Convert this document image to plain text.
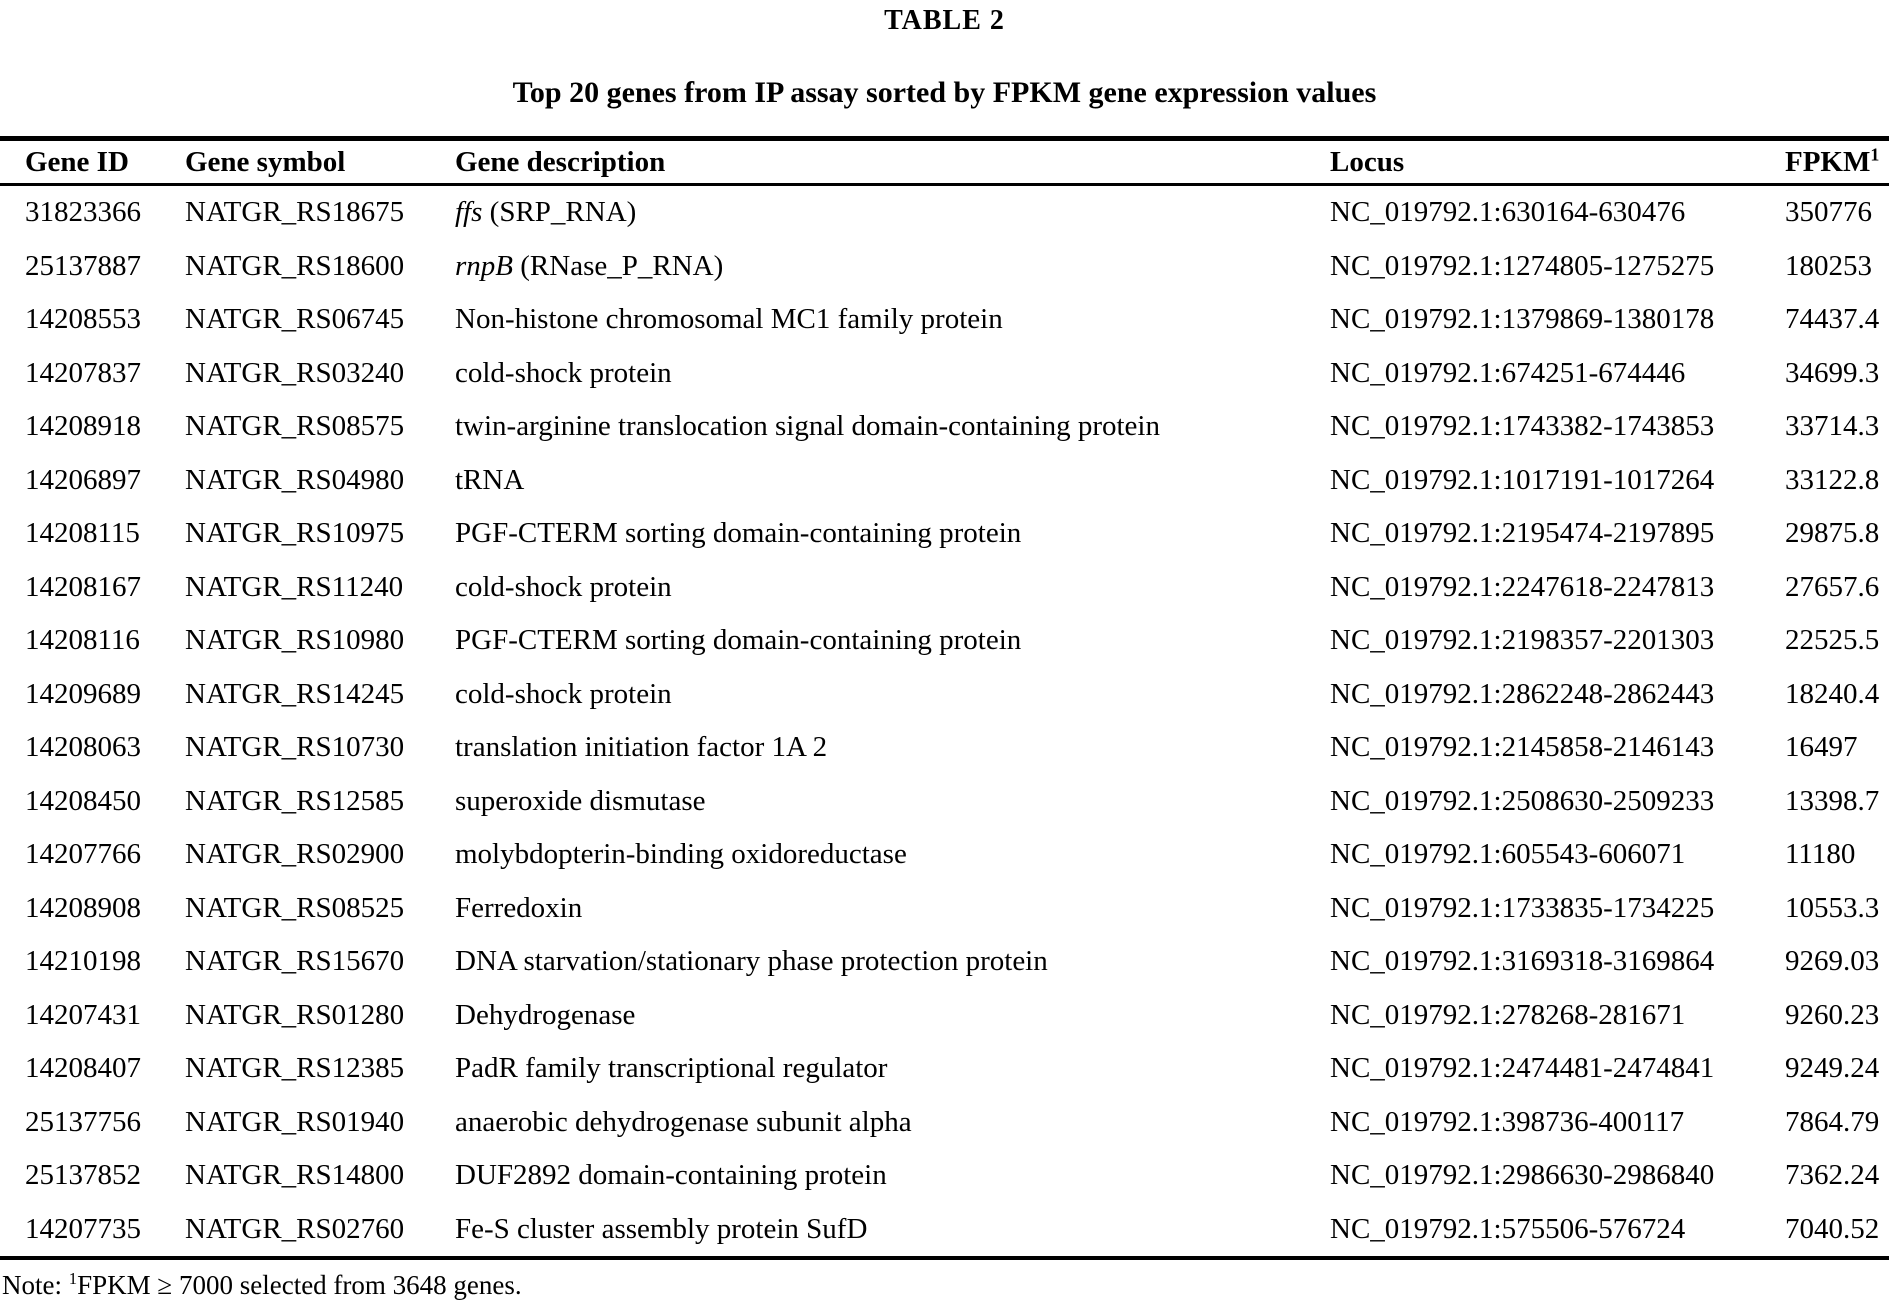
TABLE 2
Top 20 genes from IP assay sorted by FPKM gene expression values
Gene ID	Gene symbol	Gene description	Locus	FPKM$^1$
31823366	NATGR_RS18675	ffs (SRP_RNA)	NC_019792.1:630164-630476	350776
25137887	NATGR_RS18600	rnpB (RNase_P_RNA)	NC_019792.1:1274805-1275275	180253
14208553	NATGR_RS06745	Non-histone chromosomal MC1 family protein	NC_019792.1:1379869-1380178	74437.4
14207837	NATGR_RS03240	cold-shock protein	NC_019792.1:674251-674446	34699.3
14208918	NATGR_RS08575	twin-arginine translocation signal domain-containing protein	NC_019792.1:1743382-1743853	33714.3
14206897	NATGR_RS04980	tRNA	NC_019792.1:1017191-1017264	33122.8
14208115	NATGR_RS10975	PGF-CTERM sorting domain-containing protein	NC_019792.1:2195474-2197895	29875.8
14208167	NATGR_RS11240	cold-shock protein	NC_019792.1:2247618-2247813	27657.6
14208116	NATGR_RS10980	PGF-CTERM sorting domain-containing protein	NC_019792.1:2198357-2201303	22525.5
14209689	NATGR_RS14245	cold-shock protein	NC_019792.1:2862248-2862443	18240.4
14208063	NATGR_RS10730	translation initiation factor 1A 2	NC_019792.1:2145858-2146143	16497
14208450	NATGR_RS12585	superoxide dismutase	NC_019792.1:2508630-2509233	13398.7
14207766	NATGR_RS02900	molybdopterin-binding oxidoreductase	NC_019792.1:605543-606071	11180
14208908	NATGR_RS08525	Ferredoxin	NC_019792.1:1733835-1734225	10553.3
14210198	NATGR_RS15670	DNA starvation/stationary phase protection protein	NC_019792.1:3169318-3169864	9269.03
14207431	NATGR_RS01280	Dehydrogenase	NC_019792.1:278268-281671	9260.23
14208407	NATGR_RS12385	PadR family transcriptional regulator	NC_019792.1:2474481-2474841	9249.24
25137756	NATGR_RS01940	anaerobic dehydrogenase subunit alpha	NC_019792.1:398736-400117	7864.79
25137852	NATGR_RS14800	DUF2892 domain-containing protein	NC_019792.1:2986630-2986840	7362.24
14207735	NATGR_RS02760	Fe-S cluster assembly protein SufD	NC_019792.1:575506-576724	7040.52
Note: $^1$FPKM ≥ 7000 selected from 3648 genes.
